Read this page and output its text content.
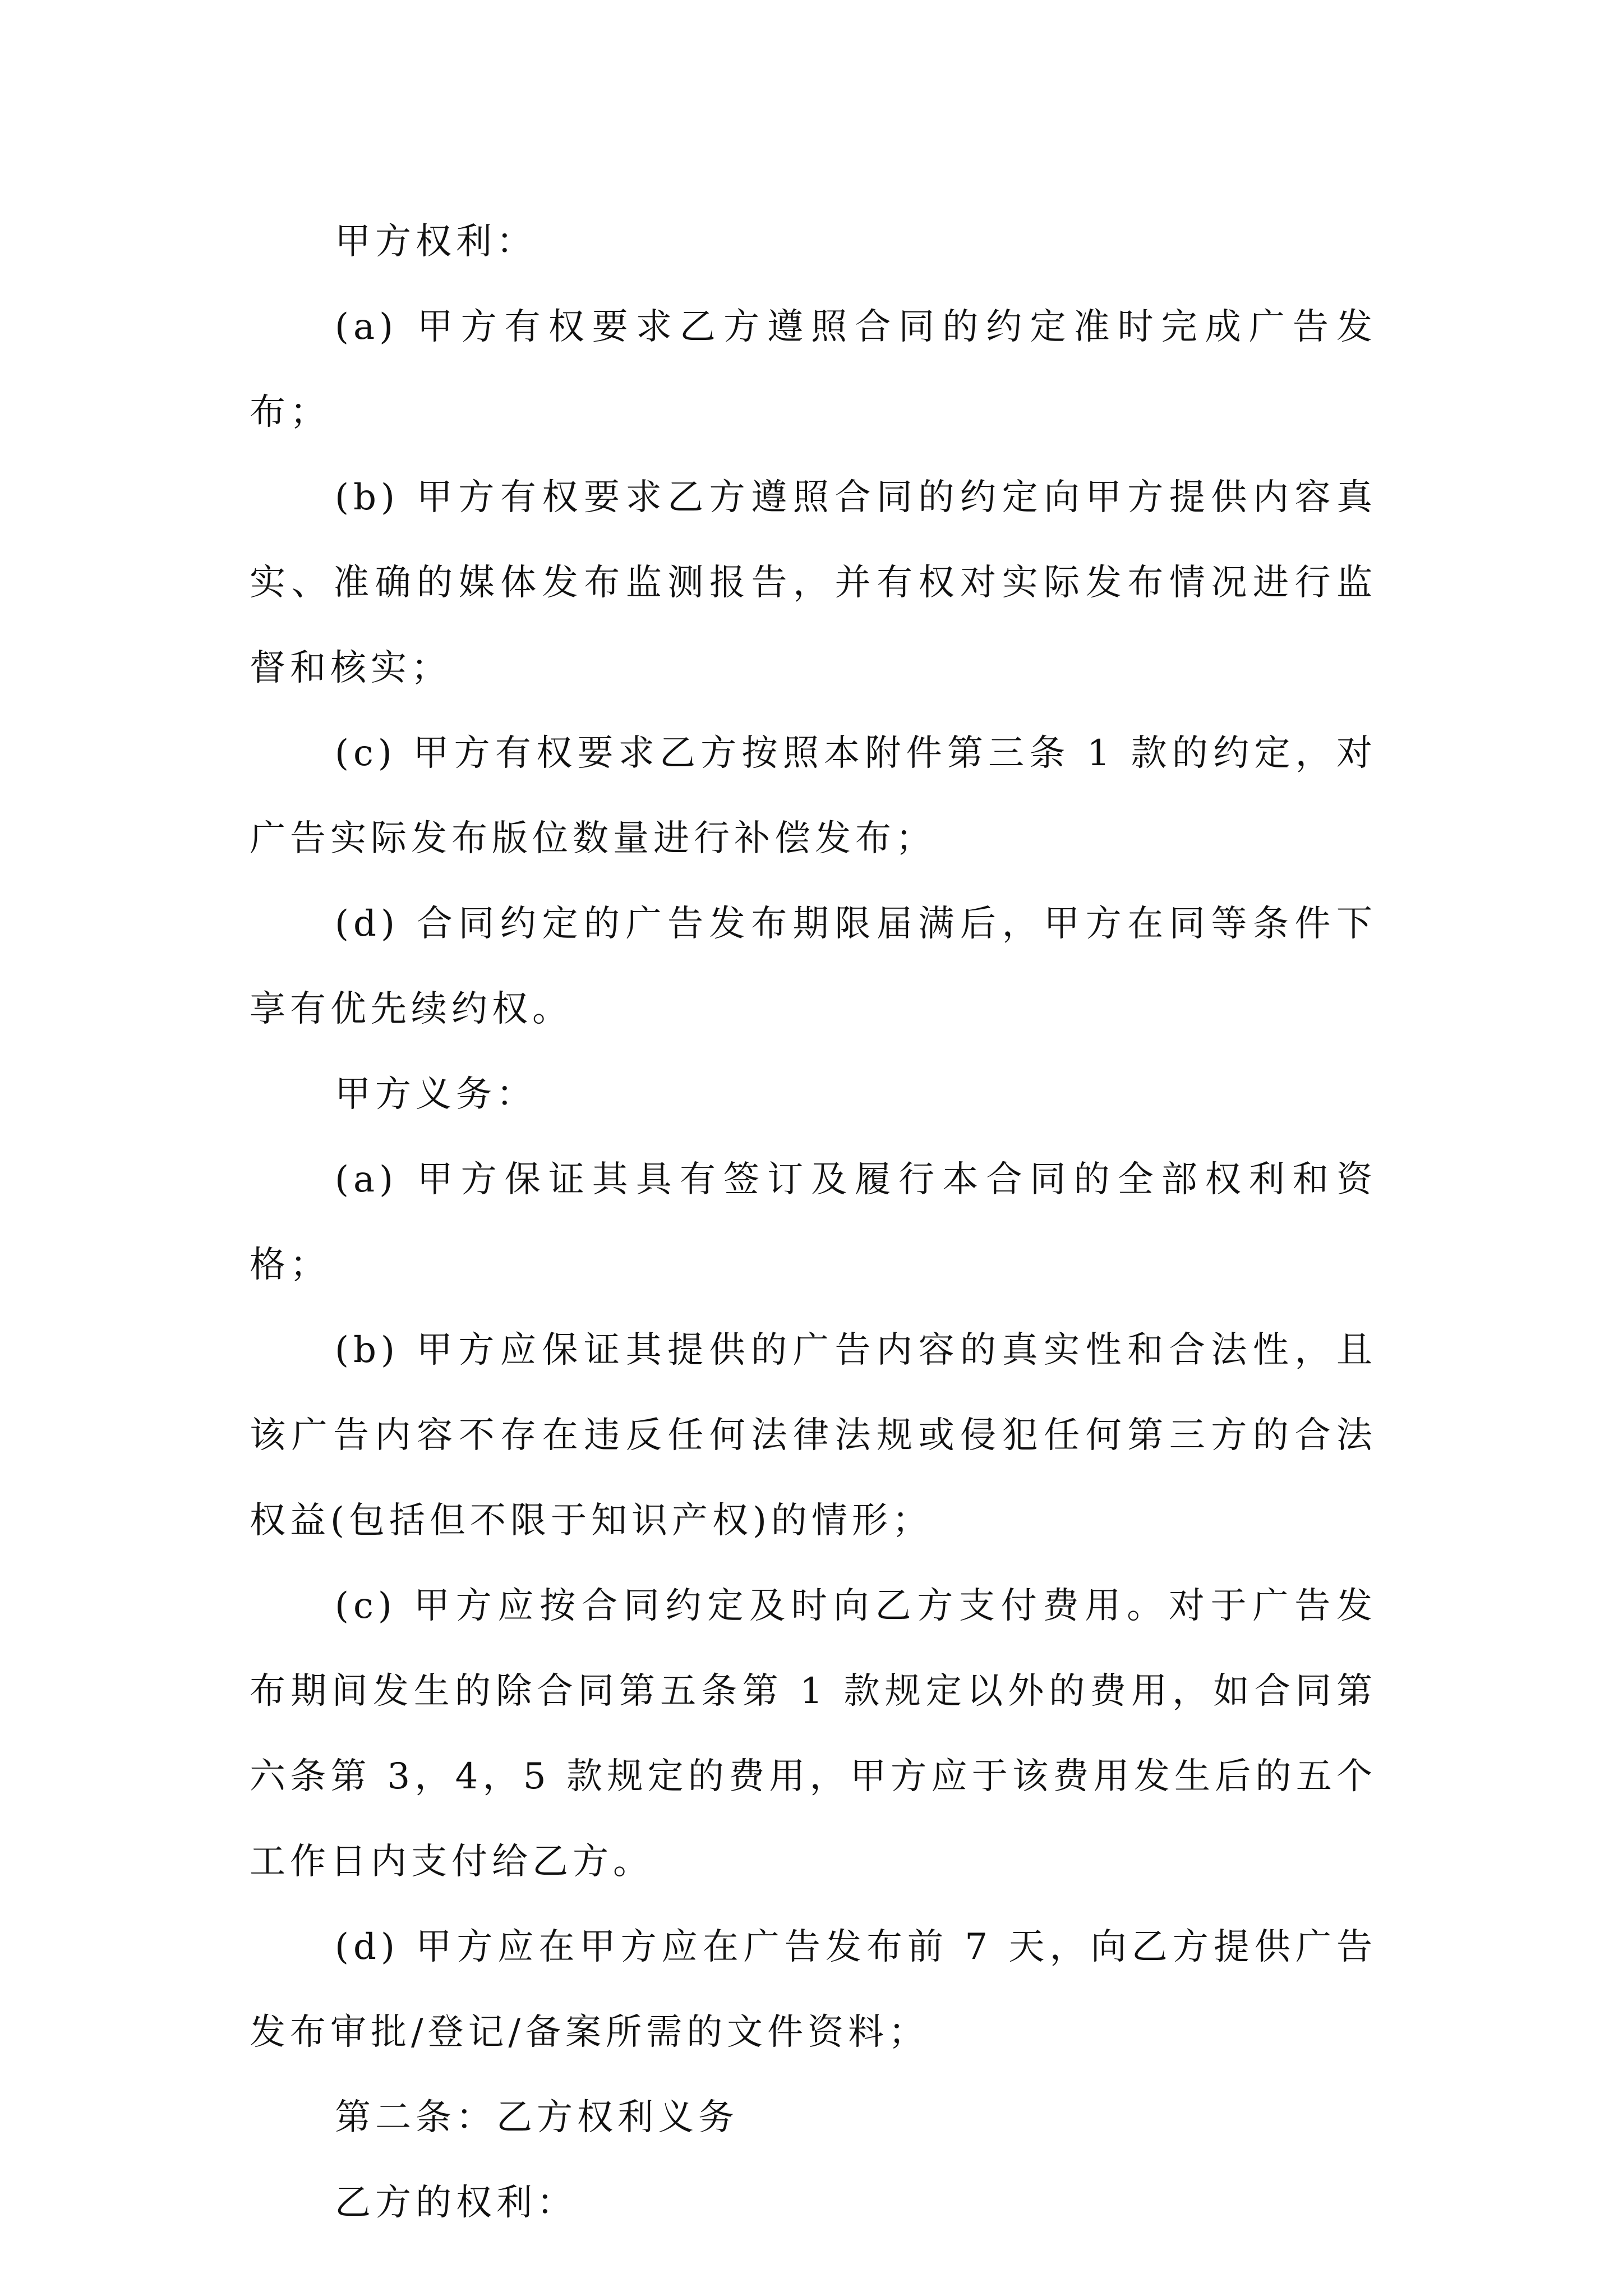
甲方权利：

(a) 甲方有权要求乙方遵照合同的约定准时完成广告发布；

(b) 甲方有权要求乙方遵照合同的约定向甲方提供内容真实、准确的媒体发布监测报告，并有权对实际发布情况进行监督和核实；

(c) 甲方有权要求乙方按照本附件第三条 1 款的约定，对广告实际发布版位数量进行补偿发布；

(d) 合同约定的广告发布期限届满后，甲方在同等条件下享有优先续约权。

甲方义务：

(a) 甲方保证其具有签订及履行本合同的全部权利和资格；

(b) 甲方应保证其提供的广告内容的真实性和合法性，且该广告内容不存在违反任何法律法规或侵犯任何第三方的合法权益(包括但不限于知识产权)的情形；

(c) 甲方应按合同约定及时向乙方支付费用。对于广告发布期间发生的除合同第五条第 1 款规定以外的费用，如合同第六条第 3，4，5 款规定的费用，甲方应于该费用发生后的五个工作日内支付给乙方。

(d) 甲方应在甲方应在广告发布前 7 天，向乙方提供广告发布审批/登记/备案所需的文件资料；

第二条：乙方权利义务

乙方的权利：
